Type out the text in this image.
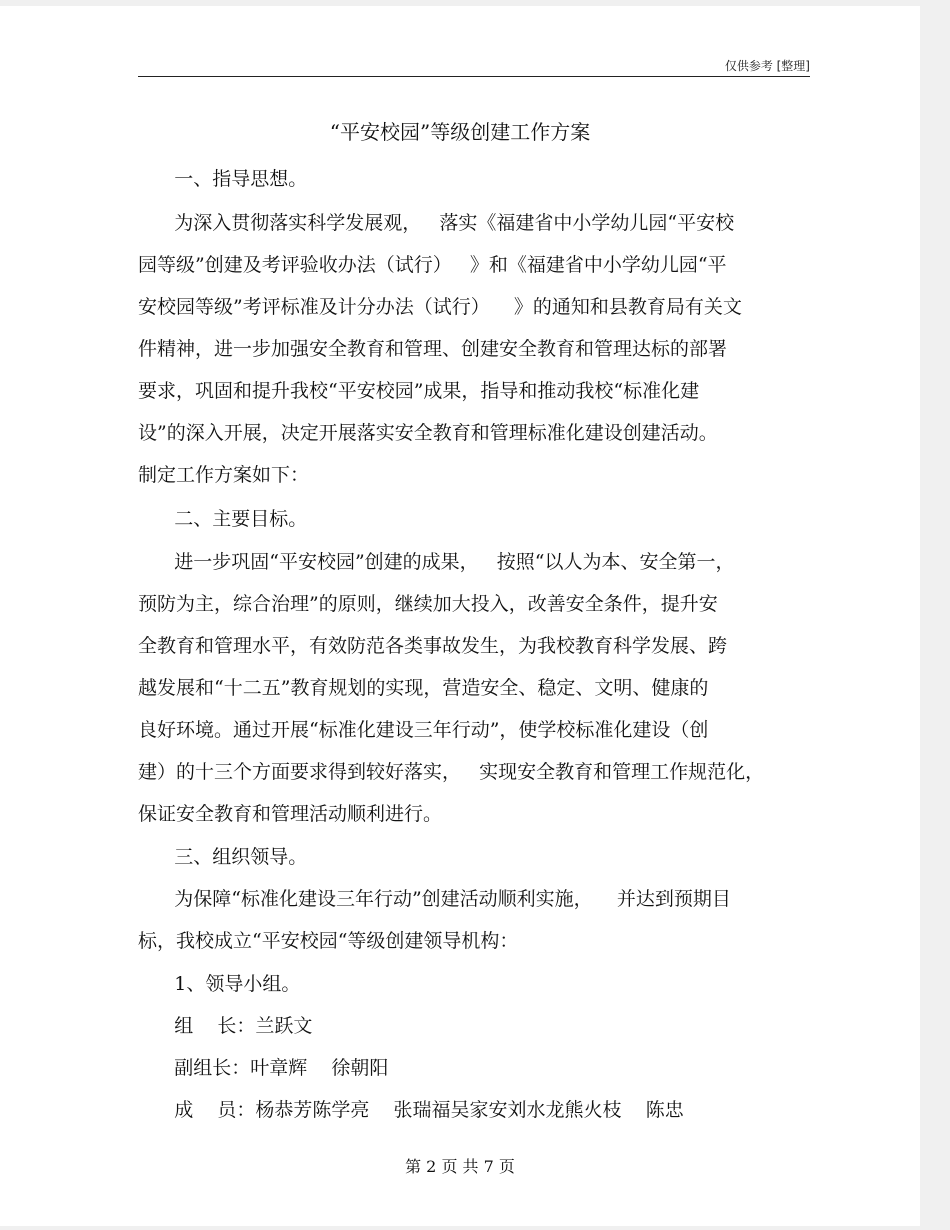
仅供参考 [整理]
“平安校园”等级创建工作方案
一、指导思想。
为深入贯彻落实科学发展观，   落实《福建省中小学幼儿园“平安校
园等级”创建及考评验收办法（试行）   》和《福建省中小学幼儿园“平
安校园等级”考评标准及计分办法（试行）    》的通知和县教育局有关文
件精神，进一步加强安全教育和管理、创建安全教育和管理达标的部署
要求，巩固和提升我校“平安校园”成果，指导和推动我校“标准化建
设”的深入开展，决定开展落实安全教育和管理标准化建设创建活动。
制定工作方案如下：
二、主要目标。
进一步巩固“平安校园”创建的成果，   按照“以人为本、安全第一，
预防为主，综合治理”的原则，继续加大投入，改善安全条件，提升安
全教育和管理水平，有效防范各类事故发生，为我校教育科学发展、跨
越发展和“十二五”教育规划的实现，营造安全、稳定、文明、健康的
良好环境。通过开展“标准化建设三年行动”，使学校标准化建设（创
建）的十三个方面要求得到较好落实，   实现安全教育和管理工作规范化，
保证安全教育和管理活动顺利进行。
三、组织领导。
为保障“标准化建设三年行动”创建活动顺利实施，    并达到预期目
标，我校成立“平安校园“等级创建领导机构：
1、领导小组。
组    长：兰跃文
副组长：叶章辉    徐朝阳
成    员：杨恭芳陈学亮    张瑞福吴家安刘水龙熊火枝    陈忠
第 2 页 共 7 页
